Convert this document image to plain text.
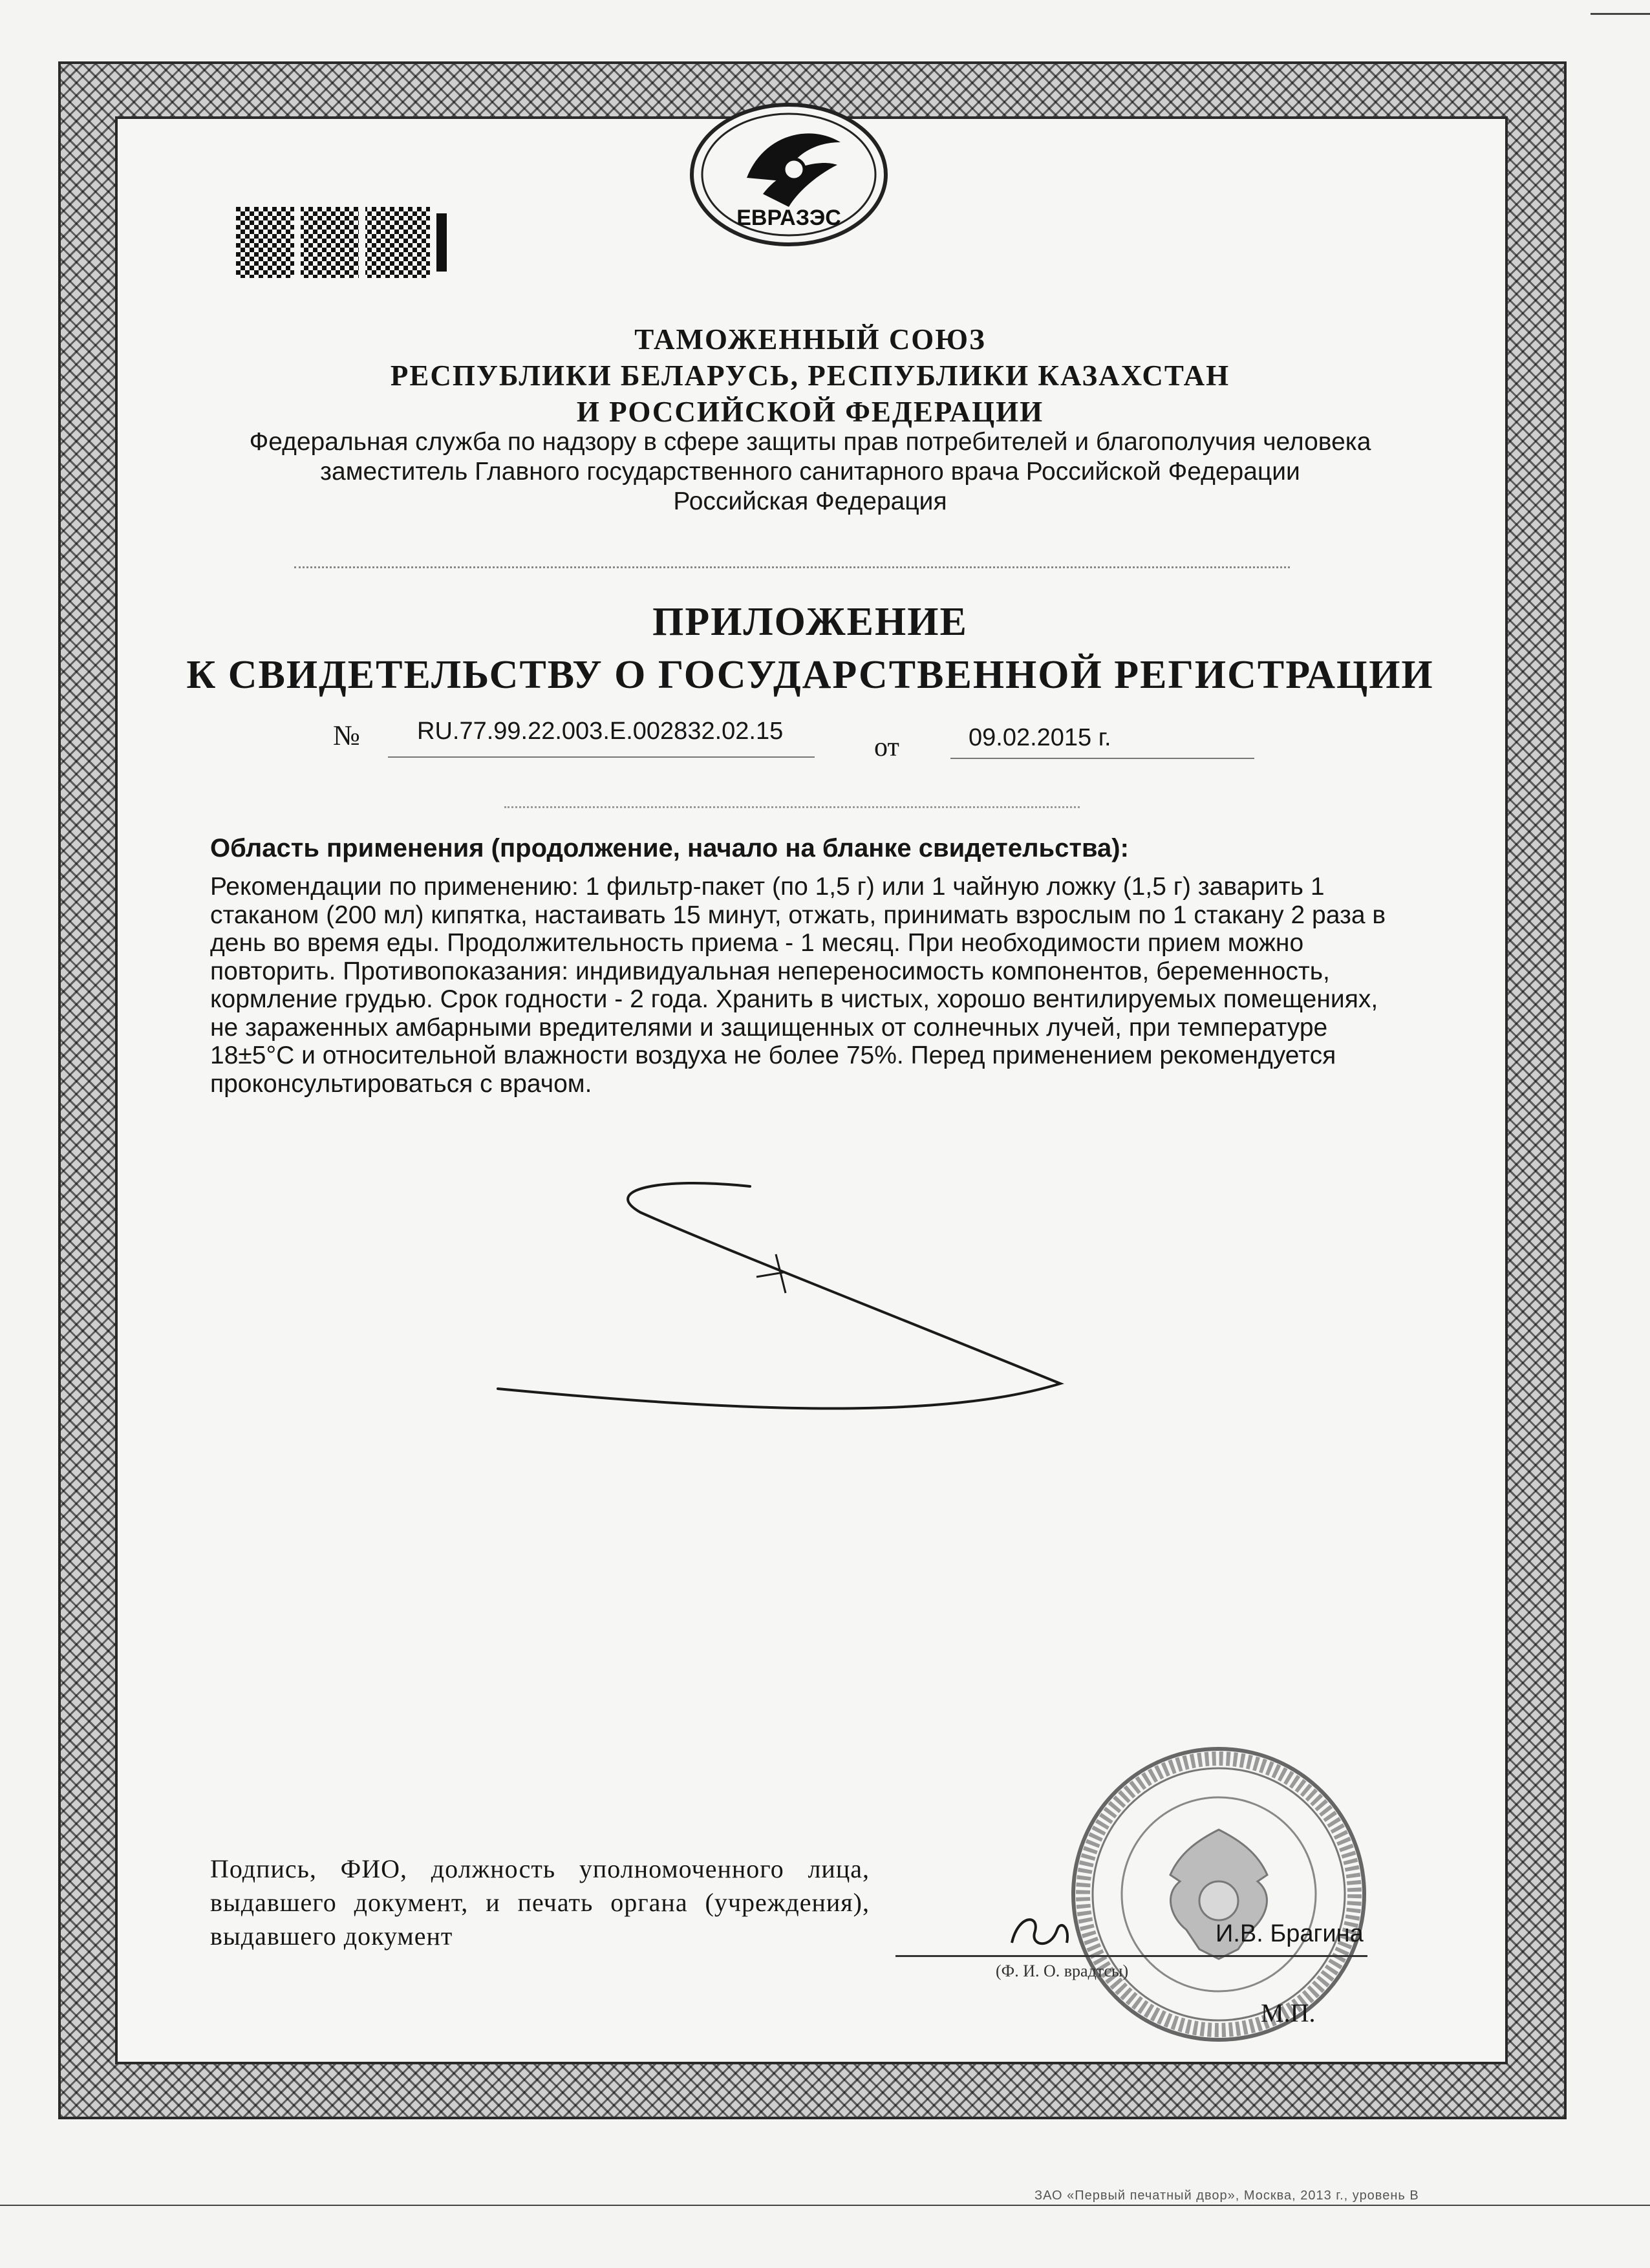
ЕВРАЗЭС
ТАМОЖЕННЫЙ СОЮЗ
РЕСПУБЛИКИ БЕЛАРУСЬ, РЕСПУБЛИКИ КАЗАХСТАН
И РОССИЙСКОЙ ФЕДЕРАЦИИ
Федеральная служба по надзору в сфере защиты прав потребителей и благополучия человека
заместитель Главного государственного санитарного врача Российской Федерации
Российская Федерация
ПРИЛОЖЕНИЕ
К СВИДЕТЕЛЬСТВУ О ГОСУДАРСТВЕННОЙ РЕГИСТРАЦИИ
№ RU.77.99.22.003.E.002832.02.15
от	09.02.2015 г.
Область применения (продолжение, начало на бланке свидетельства):

Рекомендации по применению: 1 фильтр-пакет (по 1,5 г) или 1 чайную ложку (1,5 г) заварить 1 стаканом (200 мл) кипятка, настаивать 15 минут, отжать, принимать взрослым по 1 стакану 2 раза в день во время еды. Продолжительность приема - 1 месяц. При необходимости прием можно повторить. Противопоказания: индивидуальная непереносимость компонентов, беременность, кормление грудью. Срок годности - 2 года. Хранить в чистых, хорошо вентилируемых помещениях, не зараженных амбарными вредителями и защищенных от солнечных лучей, при температуре 18±5°С и относительной влажности воздуха не более 75%. Перед применением рекомендуется проконсультироваться с врачом.

Подпись, ФИО, должность уполномоченного лица, выдавшего документ, и печать органа (учреждения), выдавшего документ	И.В. Брагина
(Ф. И. О. врадтсы)
М.П.
ЗАО «Первый печатный двор», Москва, 2013 г., уровень В
